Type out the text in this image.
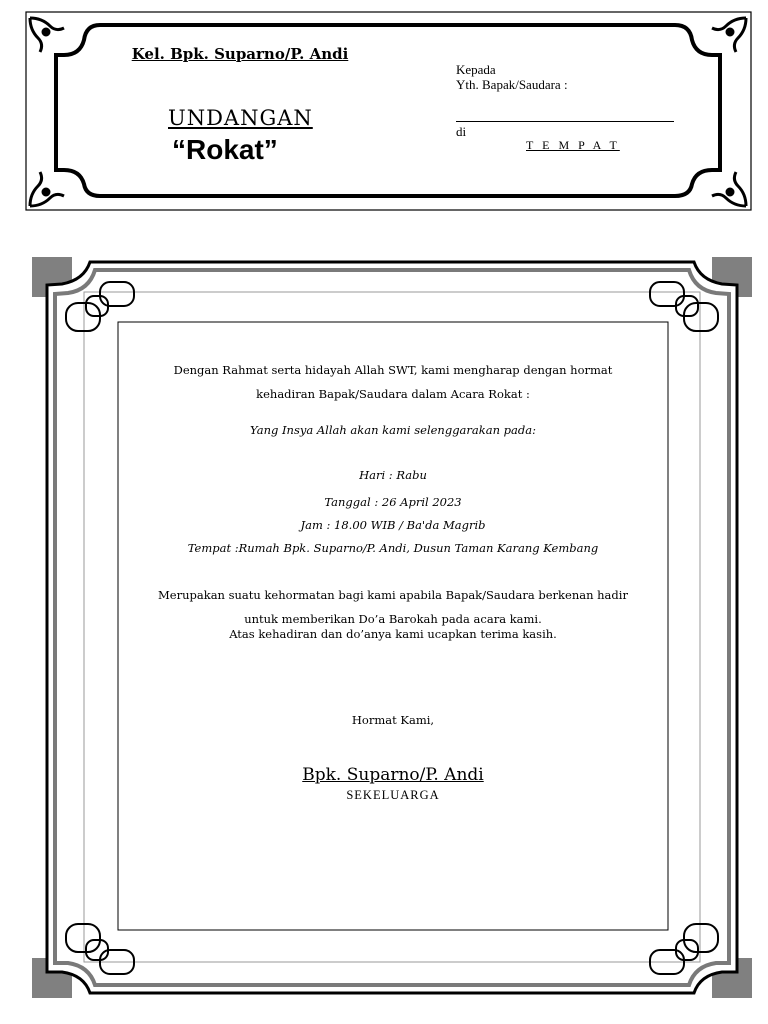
Kel. Bpk. Suparno/P. Andi
UNDANGAN
“Rokat”
Kepada
Yth. Bapak/Saudara :
di
T E M P A T
Dengan Rahmat serta hidayah Allah SWT, kami mengharap dengan hormat
kehadiran Bapak/Saudara dalam Acara Rokat :
Yang Insya Allah akan kami selenggarakan pada:
Hari : Rabu
Tanggal : 26 April 2023
Jam : 18.00 WIB / Ba'da Magrib
Tempat :Rumah Bpk. Suparno/P. Andi, Dusun Taman Karang Kembang
Merupakan suatu kehormatan bagi kami apabila Bapak/Saudara berkenan hadir
untuk memberikan Do’a Barokah pada acara kami.
Atas kehadiran dan do’anya kami ucapkan terima kasih.
Hormat Kami,
Bpk. Suparno/P. Andi
SEKELUARGA
